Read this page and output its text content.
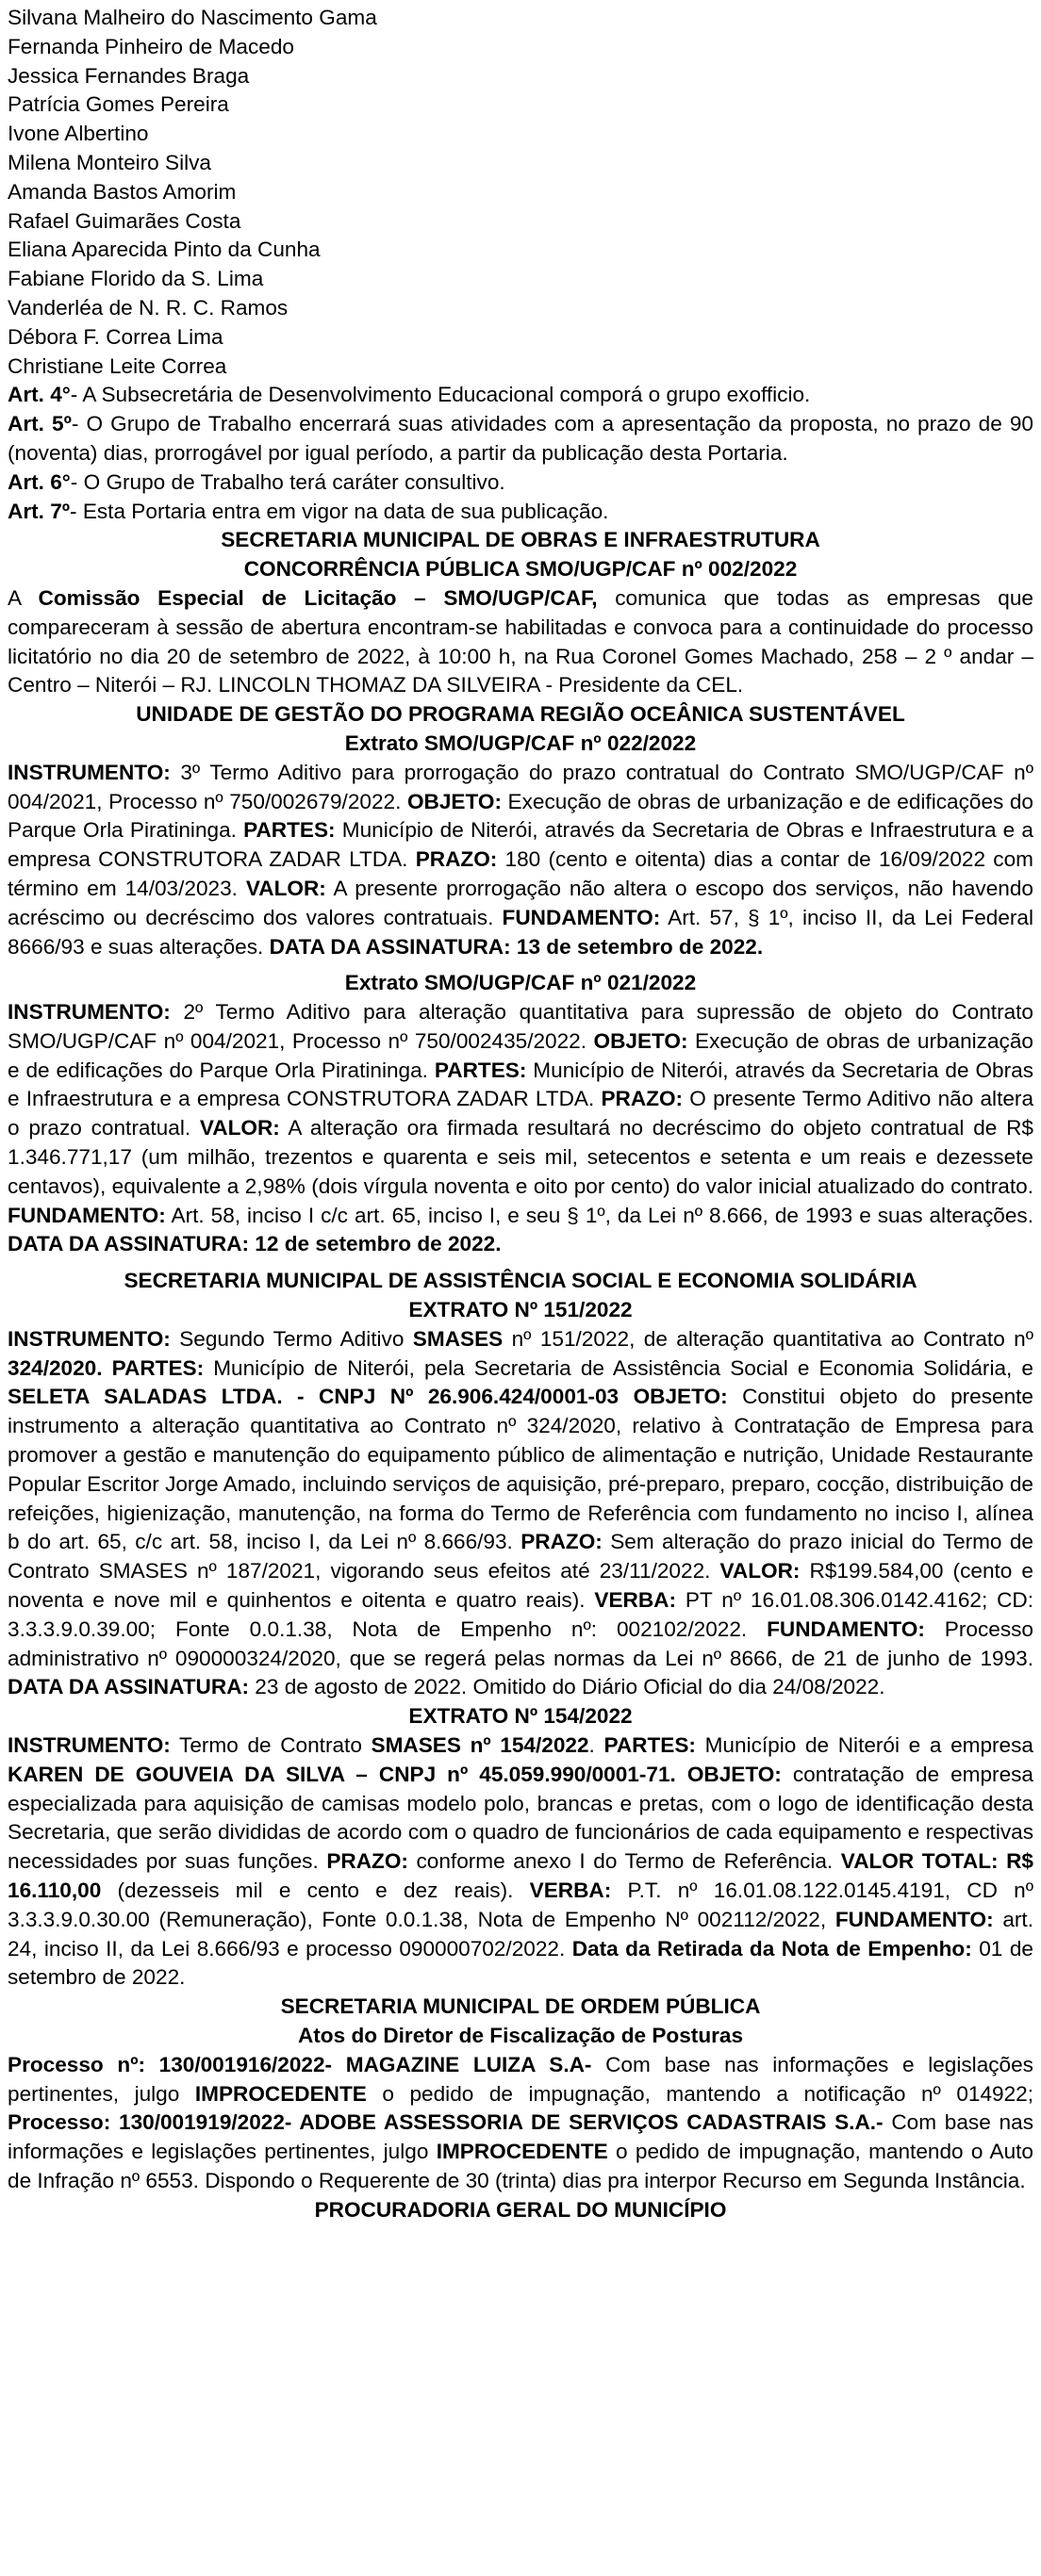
Silvana Malheiro do Nascimento Gama
Fernanda Pinheiro de Macedo
Jessica Fernandes Braga
Patrícia Gomes Pereira
Ivone Albertino
Milena Monteiro Silva
Amanda Bastos Amorim
Rafael Guimarães Costa
Eliana Aparecida Pinto da Cunha
Fabiane Florido da S. Lima
Vanderléa de N. R. C. Ramos
Débora F. Correa Lima
Christiane Leite Correa
Art. 4°- A Subsecretária de Desenvolvimento Educacional comporá o grupo exofficio.
Art. 5º- O Grupo de Trabalho encerrará suas atividades com a apresentação da proposta, no prazo de 90 (noventa) dias, prorrogável por igual período, a partir da publicação desta Portaria.
Art. 6°- O Grupo de Trabalho terá caráter consultivo.
Art. 7º- Esta Portaria entra em vigor na data de sua publicação.
SECRETARIA MUNICIPAL DE OBRAS E INFRAESTRUTURA
CONCORRÊNCIA PÚBLICA SMO/UGP/CAF nº 002/2022
A Comissão Especial de Licitação – SMO/UGP/CAF, comunica que todas as empresas que compareceram à sessão de abertura encontram-se habilitadas e convoca para a continuidade do processo licitatório no dia 20 de setembro de 2022, à 10:00 h, na Rua Coronel Gomes Machado, 258 – 2 º andar – Centro – Niterói – RJ. LINCOLN THOMAZ DA SILVEIRA - Presidente da CEL.
UNIDADE DE GESTÃO DO PROGRAMA REGIÃO OCEÂNICA SUSTENTÁVEL
Extrato SMO/UGP/CAF nº 022/2022
INSTRUMENTO: 3º Termo Aditivo para prorrogação do prazo contratual do Contrato SMO/UGP/CAF nº 004/2021, Processo nº 750/002679/2022. OBJETO: Execução de obras de urbanização e de edificações do Parque Orla Piratininga. PARTES: Município de Niterói, através da Secretaria de Obras e Infraestrutura e a empresa CONSTRUTORA ZADAR LTDA. PRAZO: 180 (cento e oitenta) dias a contar de 16/09/2022 com término em 14/03/2023. VALOR: A presente prorrogação não altera o escopo dos serviços, não havendo acréscimo ou decréscimo dos valores contratuais. FUNDAMENTO: Art. 57, § 1º, inciso II, da Lei Federal 8666/93 e suas alterações. DATA DA ASSINATURA: 13 de setembro de 2022.
Extrato SMO/UGP/CAF nº 021/2022
INSTRUMENTO: 2º Termo Aditivo para alteração quantitativa para supressão de objeto do Contrato SMO/UGP/CAF nº 004/2021, Processo nº 750/002435/2022. OBJETO: Execução de obras de urbanização e de edificações do Parque Orla Piratininga. PARTES: Município de Niterói, através da Secretaria de Obras e Infraestrutura e a empresa CONSTRUTORA ZADAR LTDA. PRAZO: O presente Termo Aditivo não altera o prazo contratual. VALOR: A alteração ora firmada resultará no decréscimo do objeto contratual de R$ 1.346.771,17 (um milhão, trezentos e quarenta e seis mil, setecentos e setenta e um reais e dezessete centavos), equivalente a 2,98% (dois vírgula noventa e oito por cento) do valor inicial atualizado do contrato. FUNDAMENTO: Art. 58, inciso I c/c art. 65, inciso I, e seu § 1º, da Lei nº 8.666, de 1993 e suas alterações. DATA DA ASSINATURA: 12 de setembro de 2022.
SECRETARIA MUNICIPAL DE ASSISTÊNCIA SOCIAL E ECONOMIA SOLIDÁRIA
EXTRATO Nº 151/2022
INSTRUMENTO: Segundo Termo Aditivo SMASES nº 151/2022, de alteração quantitativa ao Contrato nº 324/2020. PARTES: Município de Niterói, pela Secretaria de Assistência Social e Economia Solidária, e SELETA SALADAS LTDA. - CNPJ Nº 26.906.424/0001-03 OBJETO: Constitui objeto do presente instrumento a alteração quantitativa ao Contrato nº 324/2020, relativo à Contratação de Empresa para promover a gestão e manutenção do equipamento público de alimentação e nutrição, Unidade Restaurante Popular Escritor Jorge Amado, incluindo serviços de aquisição, pré-preparo, preparo, cocção, distribuição de refeições, higienização, manutenção, na forma do Termo de Referência com fundamento no inciso I, alínea b do art. 65, c/c art. 58, inciso I, da Lei nº 8.666/93. PRAZO: Sem alteração do prazo inicial do Termo de Contrato SMASES nº 187/2021, vigorando seus efeitos até 23/11/2022. VALOR: R$199.584,00 (cento e noventa e nove mil e quinhentos e oitenta e quatro reais). VERBA: PT nº 16.01.08.306.0142.4162; CD: 3.3.3.9.0.39.00; Fonte 0.0.1.38, Nota de Empenho nº: 002102/2022. FUNDAMENTO: Processo administrativo nº 090000324/2020, que se regerá pelas normas da Lei nº 8666, de 21 de junho de 1993. DATA DA ASSINATURA: 23 de agosto de 2022. Omitido do Diário Oficial do dia 24/08/2022.
EXTRATO Nº 154/2022
INSTRUMENTO: Termo de Contrato SMASES nº 154/2022. PARTES: Município de Niterói e a empresa KAREN DE GOUVEIA DA SILVA – CNPJ nº 45.059.990/0001-71. OBJETO: contratação de empresa especializada para aquisição de camisas modelo polo, brancas e pretas, com o logo de identificação desta Secretaria, que serão divididas de acordo com o quadro de funcionários de cada equipamento e respectivas necessidades por suas funções. PRAZO: conforme anexo I do Termo de Referência. VALOR TOTAL: R$ 16.110,00 (dezesseis mil e cento e dez reais). VERBA: P.T. nº 16.01.08.122.0145.4191, CD nº 3.3.3.9.0.30.00 (Remuneração), Fonte 0.0.1.38, Nota de Empenho Nº 002112/2022, FUNDAMENTO: art. 24, inciso II, da Lei 8.666/93 e processo 090000702/2022. Data da Retirada da Nota de Empenho: 01 de setembro de 2022.
SECRETARIA MUNICIPAL DE ORDEM PÚBLICA
Atos do Diretor de Fiscalização de Posturas
Processo nº: 130/001916/2022- MAGAZINE LUIZA S.A- Com base nas informações e legislações pertinentes, julgo IMPROCEDENTE o pedido de impugnação, mantendo a notificação nº 014922; Processo: 130/001919/2022- ADOBE ASSESSORIA DE SERVIÇOS CADASTRAIS S.A.- Com base nas informações e legislações pertinentes, julgo IMPROCEDENTE o pedido de impugnação, mantendo o Auto de Infração nº 6553. Dispondo o Requerente de 30 (trinta) dias pra interpor Recurso em Segunda Instância.
PROCURADORIA GERAL DO MUNICÍPIO
